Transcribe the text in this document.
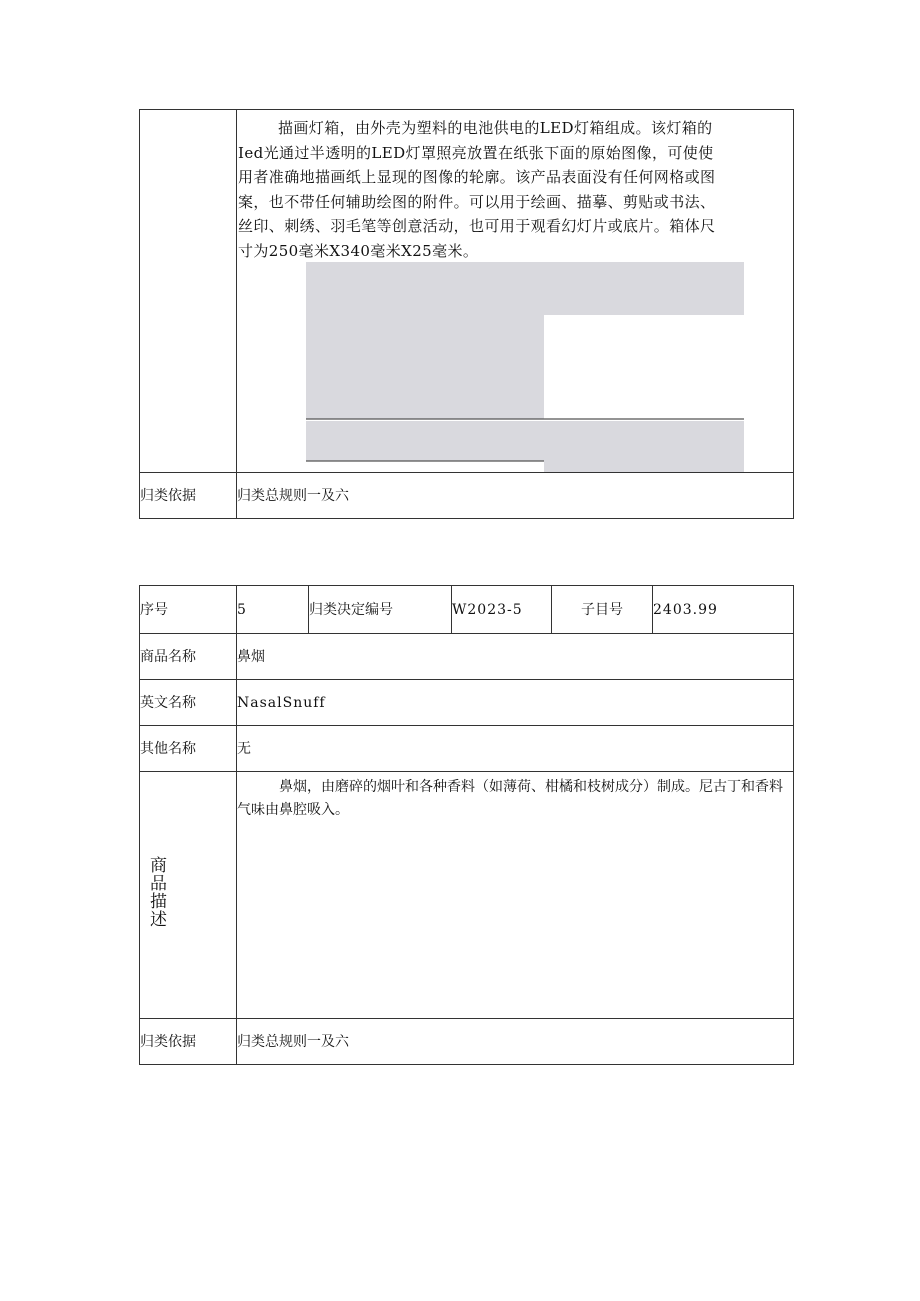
	描画灯箱，由外壳为塑料的电池供电的LED灯箱组成。该灯箱的Ied光通过半透明的LED灯罩照亮放置在纸张下面的原始图像，可使使用者准确地描画纸上显现的图像的轮廓。该产品表面没有任何网格或图案，也不带任何辅助绘图的附件。可以用于绘画、描摹、剪贴或书法、丝印、刺绣、羽毛笔等创意活动，也可用于观看幻灯片或底片。箱体尺寸为250毫米X340毫米X25毫米。

归类依据	归类总规则一及六
序号	5	归类决定编号	W2023-5	子目号	2403.99
商品名称	鼻烟				
英文名称	NasalSnuff				
其他名称	无				
商品描述	鼻烟，由磨碎的烟叶和各种香料（如薄荷、柑橘和枝树成分）制成。尼古丁和香料气味由鼻腔吸入。				

归类依据	归类总规则一及六				
